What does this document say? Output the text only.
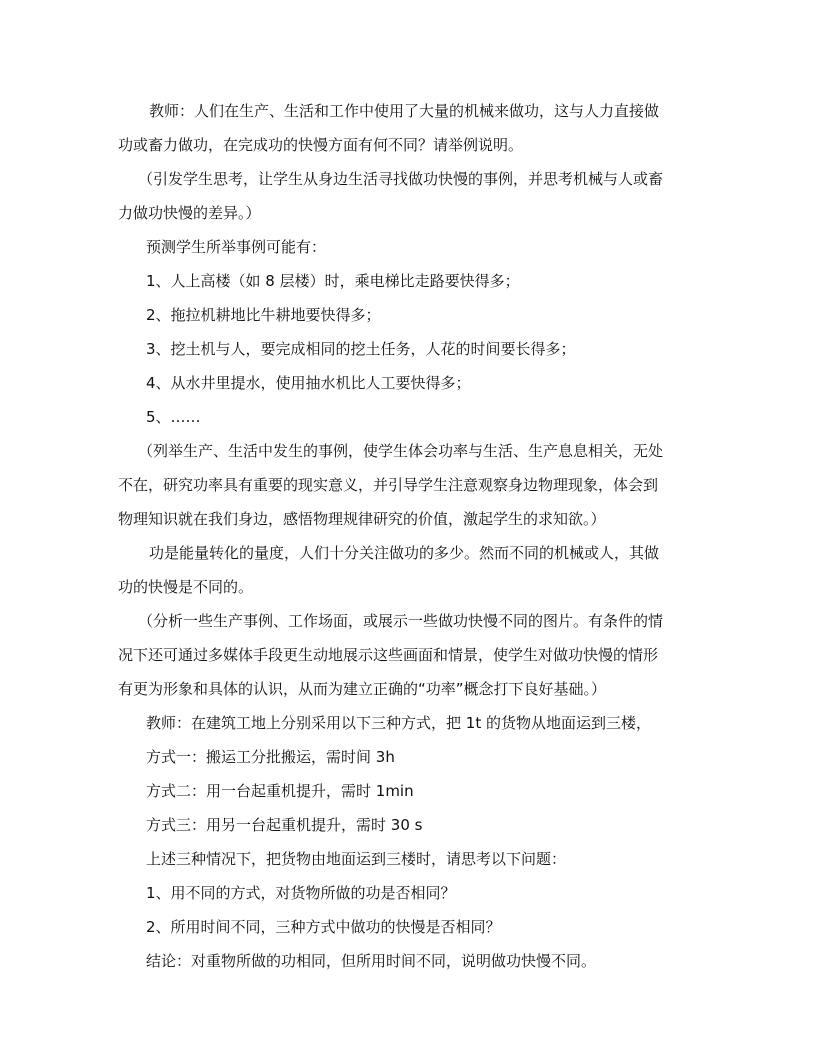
教师：人们在生产、生活和工作中使用了大量的机械来做功，这与人力直接做
功或畜力做功，在完成功的快慢方面有何不同？请举例说明。
（引发学生思考，让学生从身边生活寻找做功快慢的事例，并思考机械与人或畜
力做功快慢的差异。）
预测学生所举事例可能有：
1、人上高楼（如 8 层楼）时，乘电梯比走路要快得多；
2、拖拉机耕地比牛耕地要快得多；
3、挖土机与人，要完成相同的挖土任务，人花的时间要长得多；
4、从水井里提水，使用抽水机比人工要快得多；
5、……
（列举生产、生活中发生的事例，使学生体会功率与生活、生产息息相关，无处
不在，研究功率具有重要的现实意义，并引导学生注意观察身边物理现象，体会到
物理知识就在我们身边，感悟物理规律研究的价值，激起学生的求知欲。）
功是能量转化的量度，人们十分关注做功的多少。然而不同的机械或人，其做
功的快慢是不同的。
（分析一些生产事例、工作场面，或展示一些做功快慢不同的图片。有条件的情
况下还可通过多媒体手段更生动地展示这些画面和情景，使学生对做功快慢的情形
有更为形象和具体的认识，从而为建立正确的“功率”概念打下良好基础。）
教师：在建筑工地上分别采用以下三种方式，把 1t 的货物从地面运到三楼，
方式一：搬运工分批搬运，需时间 3h
方式二：用一台起重机提升，需时 1min
方式三：用另一台起重机提升，需时 30 s
上述三种情况下，把货物由地面运到三楼时，请思考以下问题：
1、用不同的方式，对货物所做的功是否相同？
2、所用时间不同，三种方式中做功的快慢是否相同？
结论：对重物所做的功相同，但所用时间不同，说明做功快慢不同。
